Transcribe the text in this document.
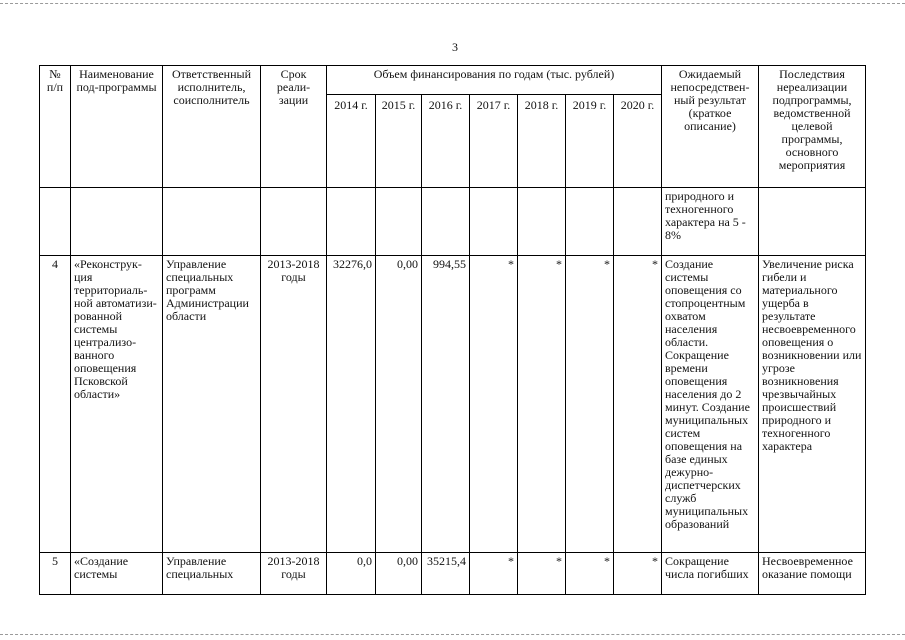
3
№ п/п	Наименование под-программы	Ответственный исполнитель, соисполнитель	Срок реали-зации	Объем финансирования по годам (тыс. рублей)							Ожидаемый непосредствен-ный результат (краткое описание)	Последствия нереализации подпрограммы, ведомственной целевой программы, основного мероприятия
				2014 г.	2015 г.	2016 г.	2017 г.	2018 г.	2019 г.	2020 г.		
											природного и техногенного характера на 5 - 8%	
4	«Реконструк-ция территориаль-ной автоматизи-рованной системы централизо-ванного оповещения Псковской области»	Управление специальных программ Администрации области	2013-2018 годы	32276,0	0,00	994,55	*	*	*	*	Создание системы оповещения со стопроцентным охватом населения области. Сокращение времени оповещения населения до 2 минут. Создание муниципальных систем оповещения на базе единых дежурно-диспетчерских служб муниципальных образований	Увеличение риска гибели и материального ущерба в результате несвоевременного оповещения о возникновении или угрозе возникновения чрезвычайных происшествий природного и техногенного характера
5	«Создание системы	Управление специальных	2013-2018 годы	0,0	0,00	35215,4	*	*	*	*	Сокращение числа погибших	Несвоевременное оказание помощи
